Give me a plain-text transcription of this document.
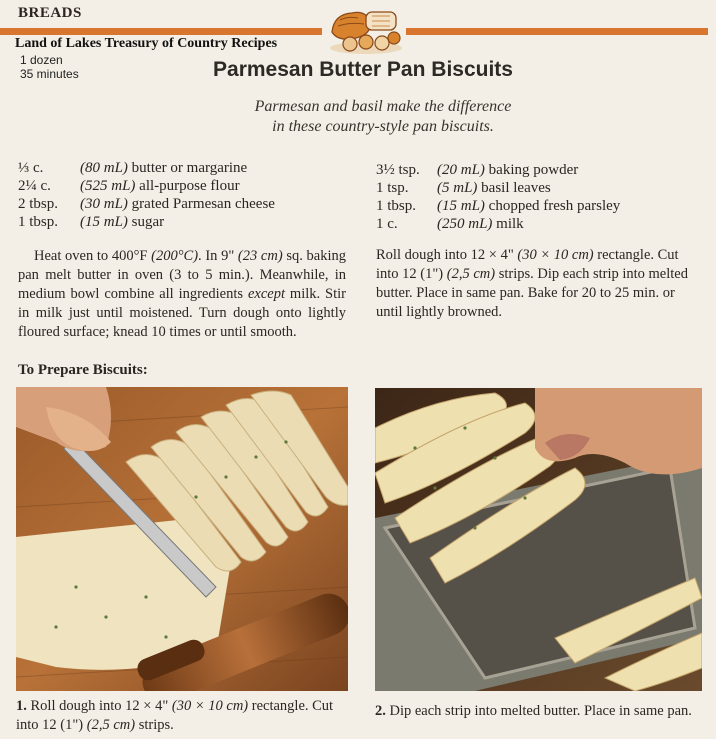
BREADS
Land of Lakes Treasury of Country Recipes
1 dozen
35 minutes	Parmesan Butter Pan Biscuits
Parmesan and basil make the difference
in these country-style pan biscuits.
⅓ c. (80 mL) butter or margarine
2¼ c. (525 mL) all-purpose flour
2 tbsp. (30 mL) grated Parmesan cheese
1 tbsp. (15 mL) sugar
3½ tsp. (20 mL) baking powder
1 tsp. (5 mL) basil leaves
1 tbsp. (15 mL) chopped fresh parsley
1 c.	(250 mL) milk
Heat oven to 400°F (200°C). In 9" (23 cm) sq. baking pan melt butter in oven (3 to 5 min.). Meanwhile, in medium bowl combine all ingredients except milk. Stir in milk just until moistened. Turn dough onto lightly floured surface; knead 10 times or until smooth.
Roll dough into 12 × 4" (30 × 10 cm) rectangle. Cut into 12 (1") (2,5 cm) strips. Dip each strip into melted butter. Place in same pan. Bake for 20 to 25 min. or until lightly browned.
To Prepare Biscuits:
1. Roll dough into 12 × 4" (30 × 10 cm) rectangle. Cut into 12 (1") (2,5 cm) strips.
2. Dip each strip into melted butter. Place in same pan.
